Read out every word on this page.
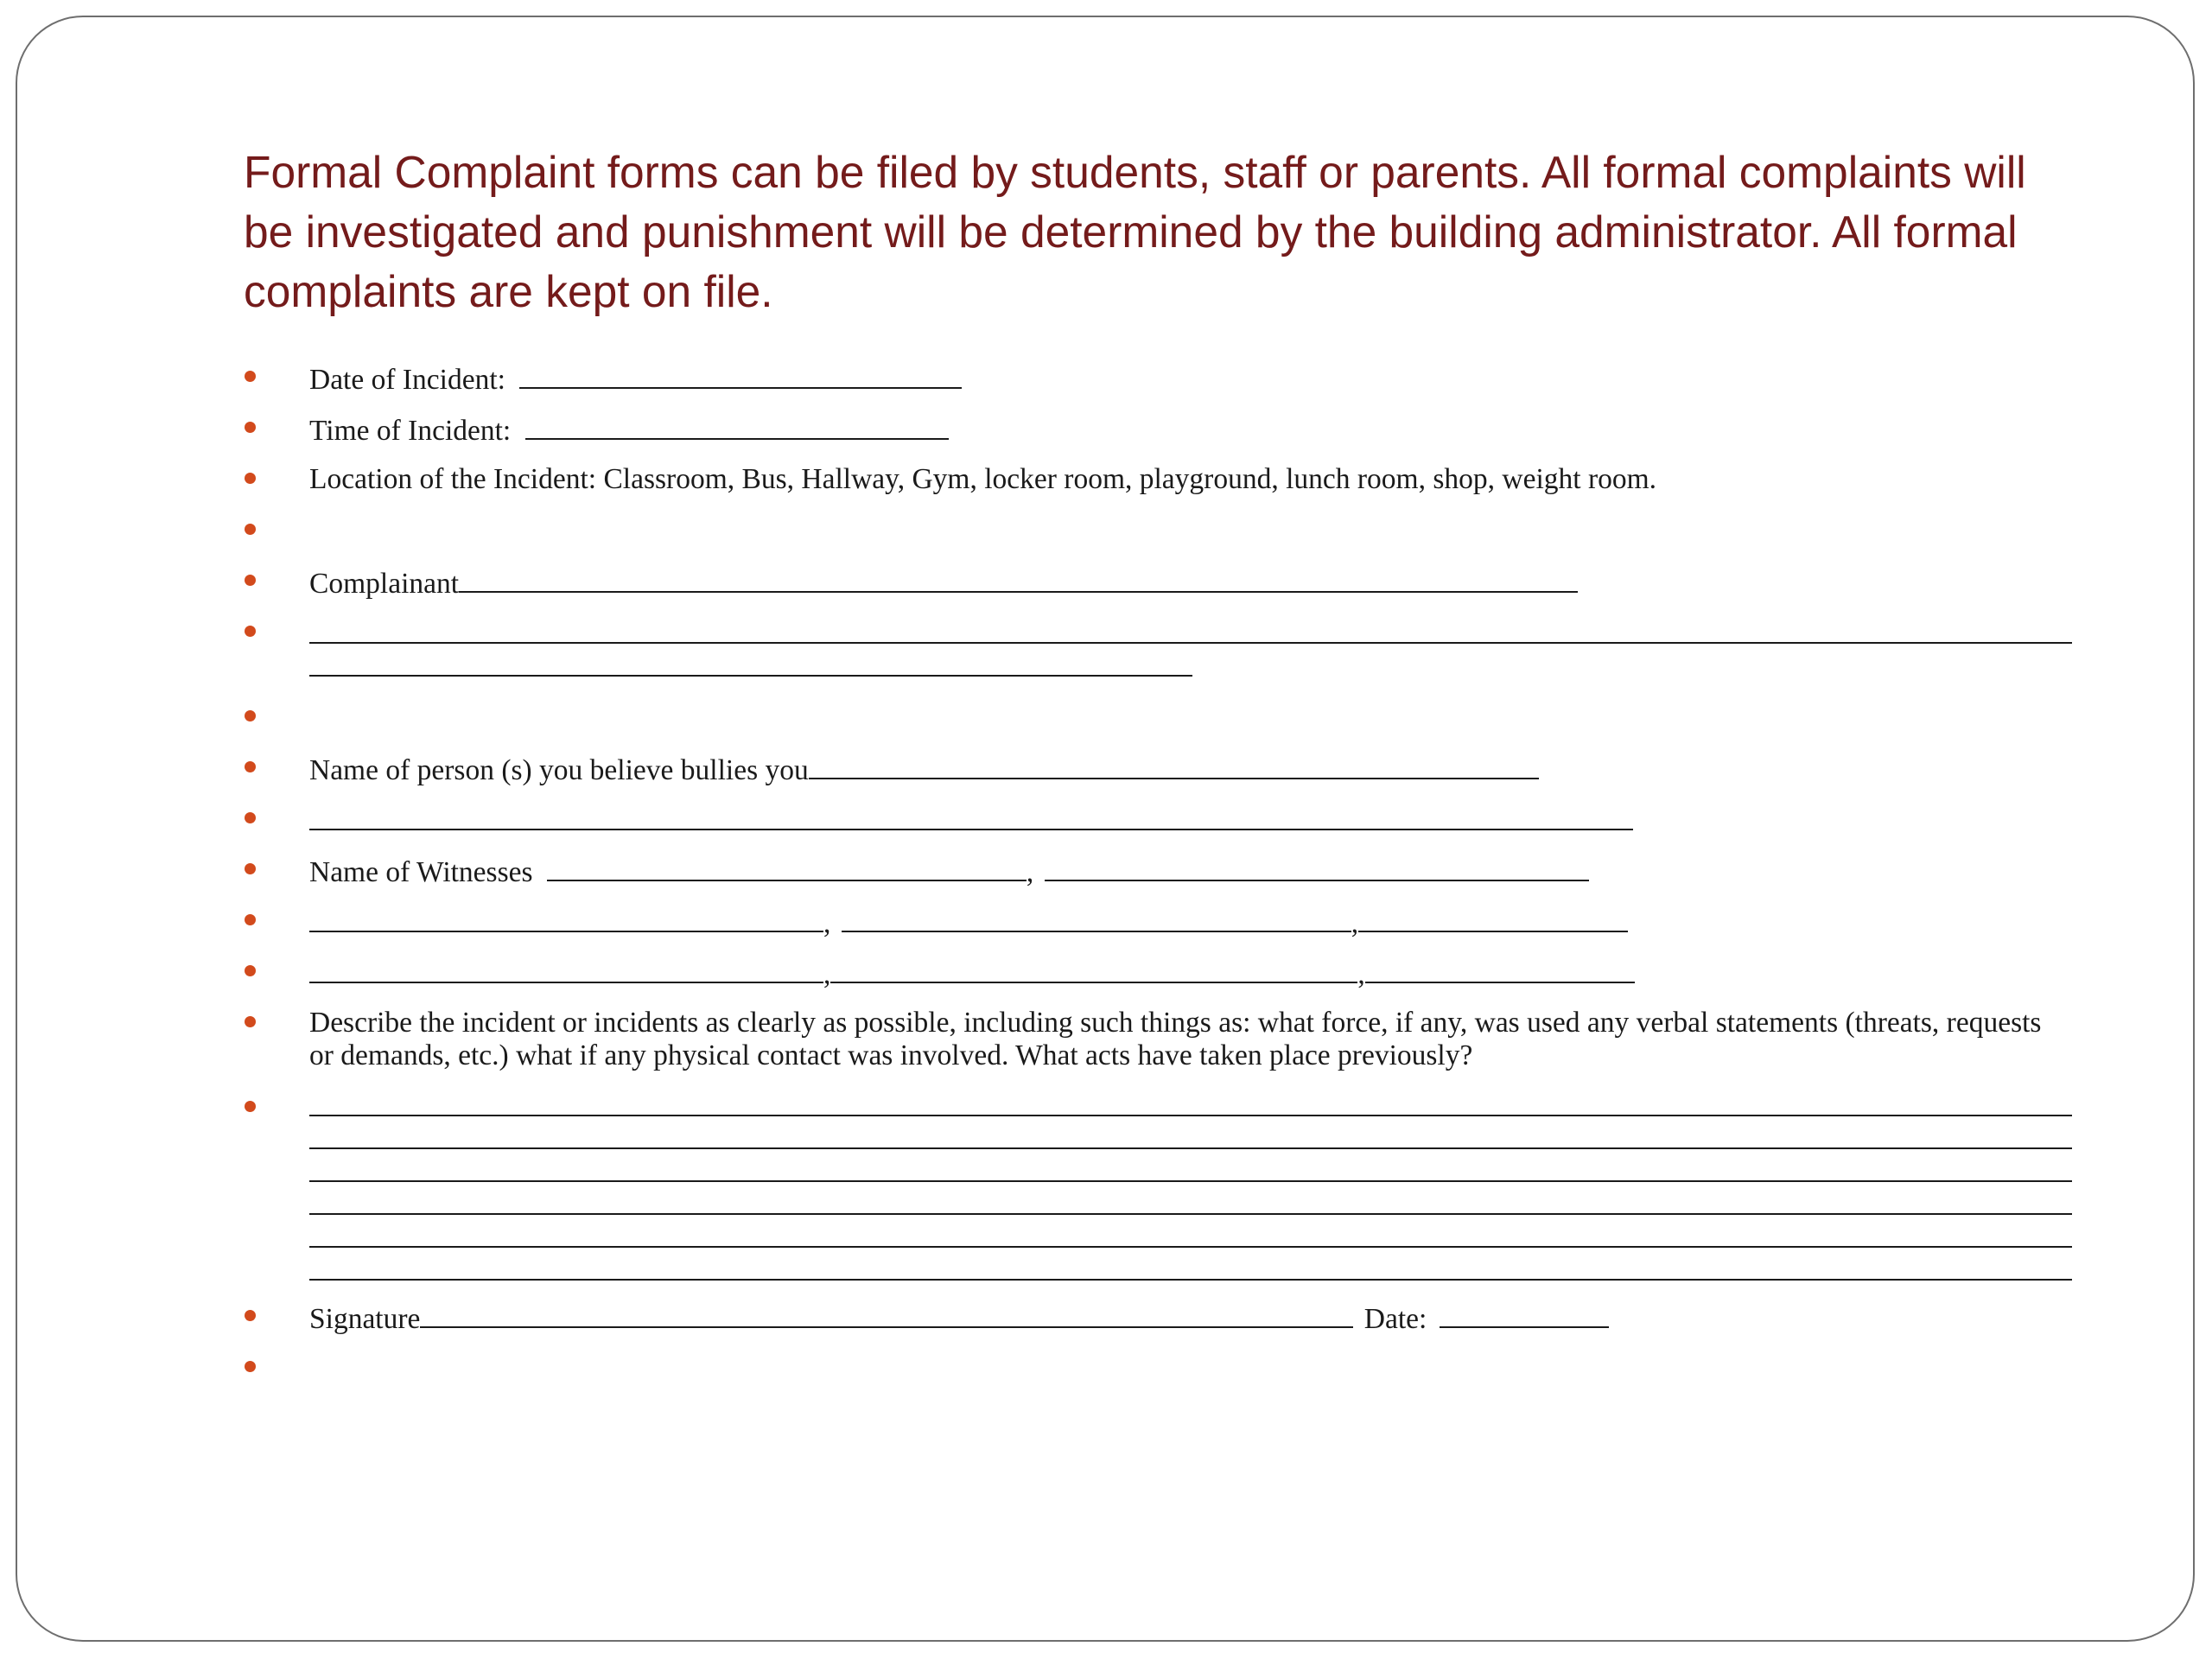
Formal Complaint forms can be filed by students, staff or parents. All formal complaints will be investigated and punishment will be determined by the building administrator. All formal complaints are kept on file.

Date of Incident:
Time of Incident:
Location of the Incident: Classroom, Bus, Hallway, Gym, locker room, playground, lunch room, shop, weight room.
Complainant
Name of person (s) you believe bullies you
Name of Witnesses	,
,	,
,	,
Describe the incident or incidents as clearly as possible, including such things as: what force, if any, was used any verbal statements (threats, requests or demands, etc.) what if any physical contact was involved. What acts have taken place previously?
Signature	Date:
